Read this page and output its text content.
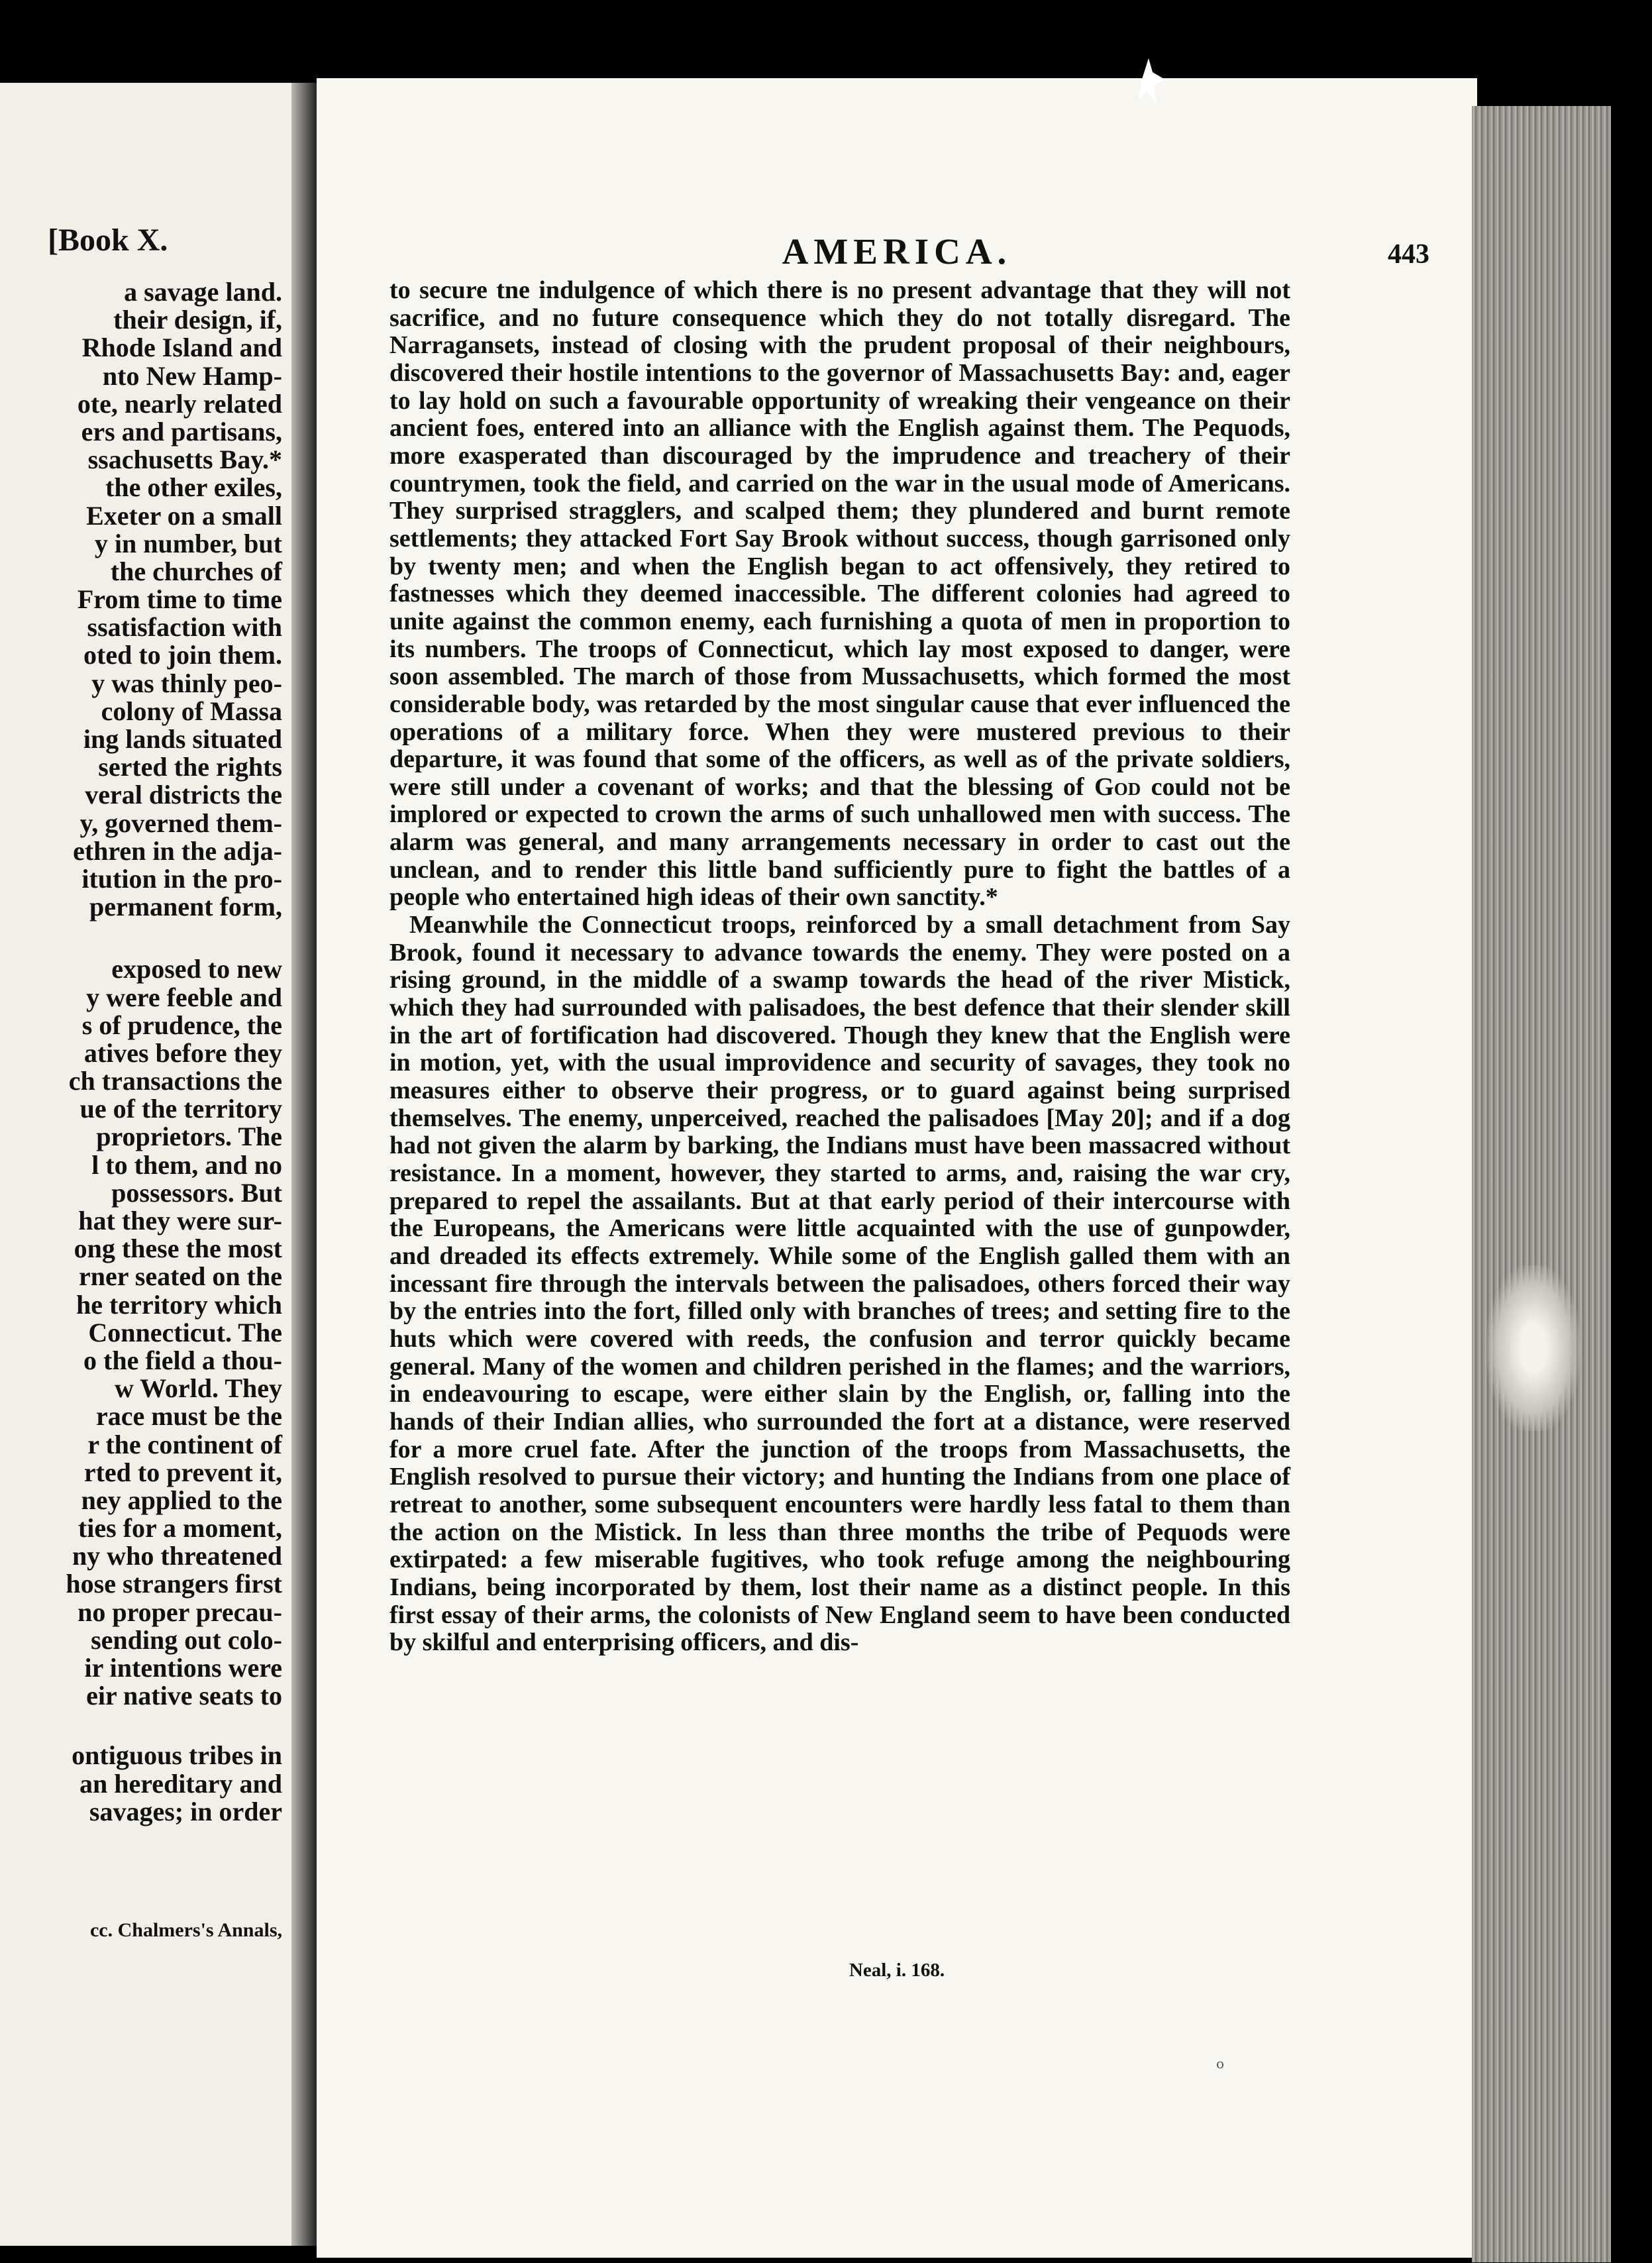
[Book X.
a savage land.
their design, if,
Rhode Island and
nto New Hamp-
ote, nearly related
ers and partisans,
ssachusetts Bay.*
the other exiles,
Exeter on a small
y in number, but
the churches of
From time to time
ssatisfaction with
oted to join them.
y was thinly peo-
colony of Massa
ing lands situated
serted the rights
veral districts the
y, governed them-
ethren in the adja-
itution in the pro-
permanent form,
exposed to new
y were feeble and
s of prudence, the
atives before they
ch transactions the
ue of the territory
proprietors. The
l to them, and no
possessors. But
hat they were sur-
ong these the most
rner seated on the
he territory which
Connecticut. The
o the field a thou-
w World. They
race must be the
r the continent of
rted to prevent it,
ney applied to the
ties for a moment,
ny who threatened
hose strangers first
no proper precau-
sending out colo-
ir intentions were
eir native seats to
ontiguous tribes in
an hereditary and
savages; in order
cc. Chalmers's Annals,
AMERICA.	443

to secure tne indulgence of which there is no present advantage that they will not sacrifice, and no future consequence which they do not totally disregard. The Narragansets, instead of closing with the prudent proposal of their neighbours, discovered their hostile intentions to the governor of Massachusetts Bay: and, eager to lay hold on such a favourable opportunity of wreaking their vengeance on their ancient foes, entered into an alliance with the English against them. The Pequods, more exasperated than discouraged by the imprudence and treachery of their countrymen, took the field, and carried on the war in the usual mode of Americans. They surprised stragglers, and scalped them; they plundered and burnt remote settlements; they attacked Fort Say Brook without success, though garrisoned only by twenty men; and when the English began to act offensively, they retired to fastnesses which they deemed inaccessible. The different colonies had agreed to unite against the common enemy, each furnishing a quota of men in proportion to its numbers. The troops of Connecticut, which lay most exposed to danger, were soon assembled. The march of those from Mussachusetts, which formed the most considerable body, was retarded by the most singular cause that ever influenced the operations of a military force. When they were mustered previous to their departure, it was found that some of the officers, as well as of the private soldiers, were still under a covenant of works; and that the blessing of God could not be implored or expected to crown the arms of such unhallowed men with success. The alarm was general, and many arrangements necessary in order to cast out the unclean, and to render this little band sufficiently pure to fight the battles of a people who entertained high ideas of their own sanctity.*

Meanwhile the Connecticut troops, reinforced by a small detachment from Say Brook, found it necessary to advance towards the enemy. They were posted on a rising ground, in the middle of a swamp towards the head of the river Mistick, which they had surrounded with palisadoes, the best defence that their slender skill in the art of fortification had discovered. Though they knew that the English were in motion, yet, with the usual improvidence and security of savages, they took no measures either to observe their progress, or to guard against being surprised themselves. The enemy, unperceived, reached the palisadoes [May 20]; and if a dog had not given the alarm by barking, the Indians must have been massacred without resistance. In a moment, however, they started to arms, and, raising the war cry, prepared to repel the assailants. But at that early period of their intercourse with the Europeans, the Americans were little acquainted with the use of gunpowder, and dreaded its effects extremely. While some of the English galled them with an incessant fire through the intervals between the palisadoes, others forced their way by the entries into the fort, filled only with branches of trees; and setting fire to the huts which were covered with reeds, the confusion and terror quickly became general. Many of the women and children perished in the flames; and the warriors, in endeavouring to escape, were either slain by the English, or, falling into the hands of their Indian allies, who surrounded the fort at a distance, were reserved for a more cruel fate. After the junction of the troops from Massachusetts, the English resolved to pursue their victory; and hunting the Indians from one place of retreat to another, some subsequent encounters were hardly less fatal to them than the action on the Mistick. In less than three months the tribe of Pequods were extirpated: a few miserable fugitives, who took refuge among the neighbouring Indians, being incorporated by them, lost their name as a distinct people. In this first essay of their arms, the colonists of New England seem to have been conducted by skilful and enterprising officers, and dis-

Neal, i. 168.
o
